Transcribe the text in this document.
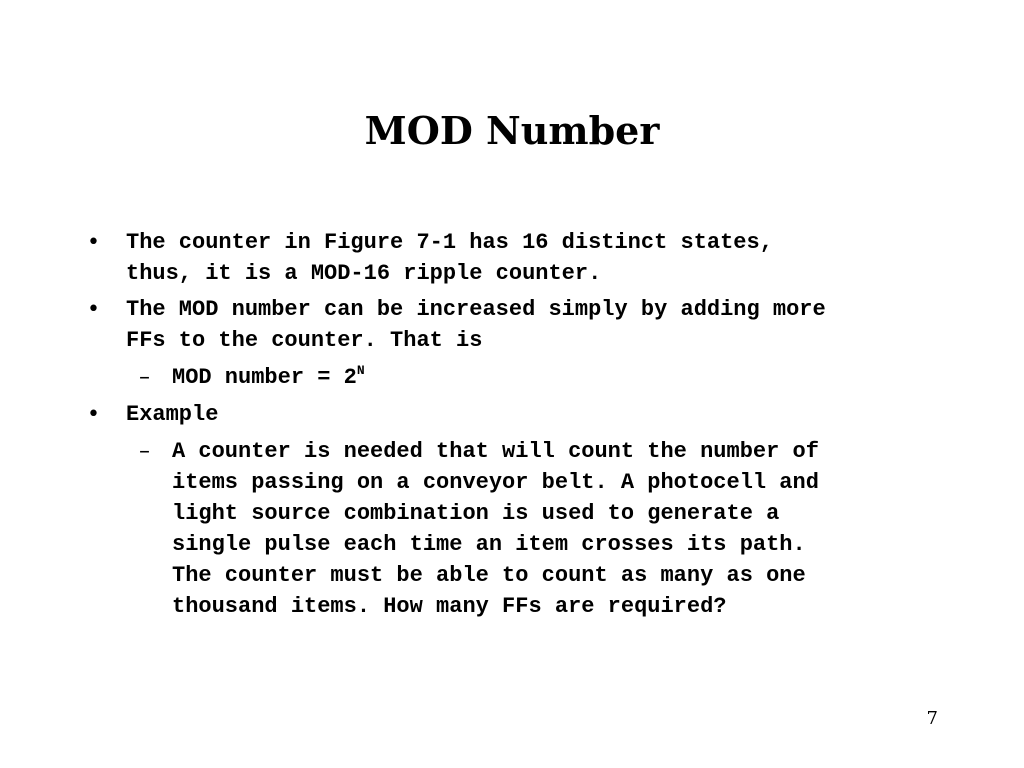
MOD Number
• The counter in Figure 7-1 has 16 distinct states,
thus, it is a MOD-16 ripple counter.
• The MOD number can be increased simply by adding more
FFs to the counter. That is
– MOD number = $2^N$
• Example
– A counter is needed that will count the number of
items passing on a conveyor belt. A photocell and
light source combination is used to generate a
single pulse each time an item crosses its path.
The counter must be able to count as many as one
thousand items. How many FFs are required?
7
